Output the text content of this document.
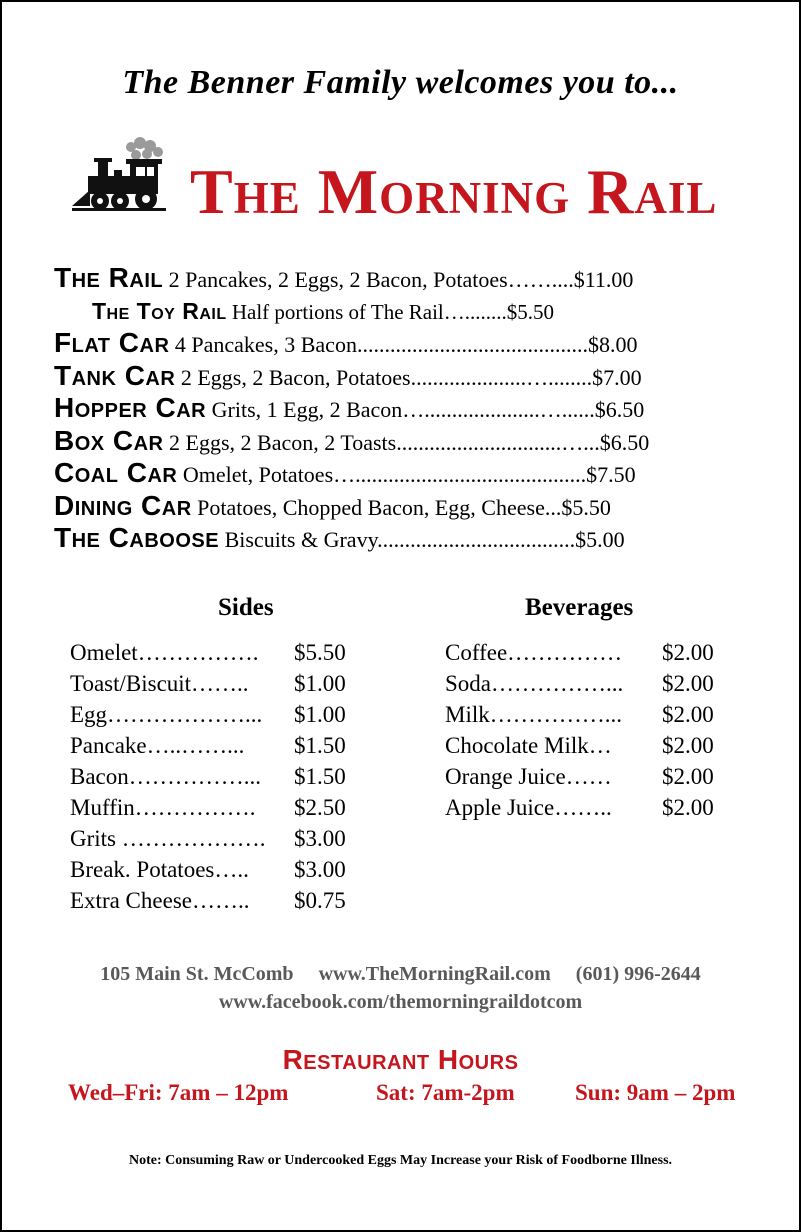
The Benner Family welcomes you to...
The Morning Rail
The Rail 2 Pancakes, 2 Eggs, 2 Bacon, Potatoes……....$11.00
The Toy Rail Half portions of The Rail…........$5.50
Flat Car 4 Pancakes, 3 Bacon..........................................$8.00
Tank Car 2 Eggs, 2 Bacon, Potatoes.....................…........$7.00
Hopper Car Grits, 1 Egg, 2 Bacon….....................…......$6.50
Box Car 2 Eggs, 2 Bacon, 2 Toasts..............................…...$6.50
Coal Car Omelet, Potatoes…..........................................$7.50
Dining Car Potatoes, Chopped Bacon, Egg, Cheese...$5.50
The Caboose Biscuits & Gravy....................................$5.00
Sides	Beverages
Omelet……………. $5.50
Toast/Biscuit…….. $1.00
Egg………………... $1.00
Pancake…..……... $1.50
Bacon……………... $1.50
Muffin……………. $2.50
Grits ………………. $3.00
Break. Potatoes….. $3.00
Extra Cheese…….. $0.75
Coffee…………… $2.00
Soda……………... $2.00
Milk……………... $2.00
Chocolate Milk… $2.00
Orange Juice…… $2.00
Apple Juice…….. $2.00
105 Main St. McComb www.TheMorningRail.com (601) 996-2644
www.facebook.com/themorningraildotcom
Restaurant Hours
Wed–Fri: 7am – 12pm	Sat: 7am-2pm	Sun: 9am – 2pm
Note: Consuming Raw or Undercooked Eggs May Increase your Risk of Foodborne Illness.
